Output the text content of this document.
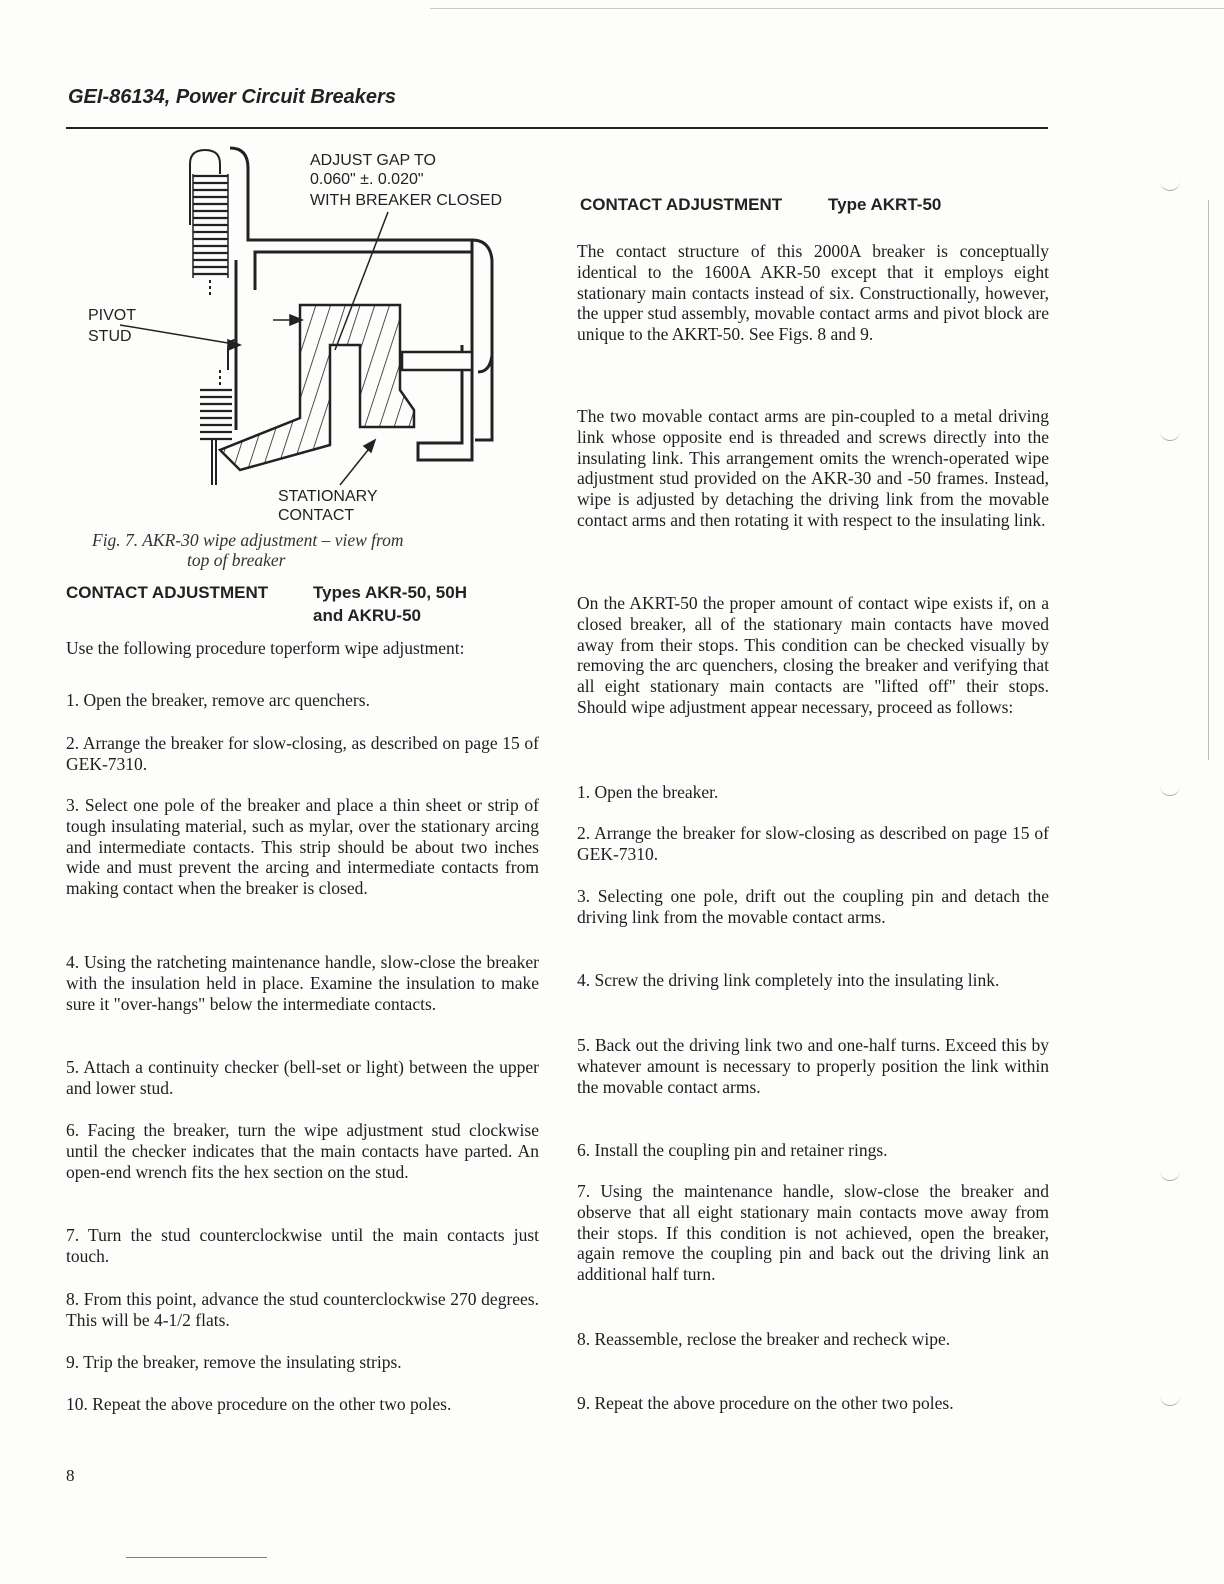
GEI-86134, Power Circuit Breakers
ADJUST GAP TO 0.060" ±. 0.020" WITH BREAKER CLOSED
PIVOT STUD
STATIONARY CONTACT
Fig. 7. AKR-30 wipe adjustment – view from
top of breaker
CONTACT ADJUSTMENT	Types AKR-50, 50H
and AKRU-50
Use the following procedure toperform wipe adjustment:
1. Open the breaker, remove arc quenchers.
2. Arrange the breaker for slow-closing, as described on page 15 of GEK-7310.
3. Select one pole of the breaker and place a thin sheet or strip of tough insulating material, such as mylar, over the stationary arcing and intermediate contacts. This strip should be about two inches wide and must prevent the arcing and intermediate contacts from making contact when the breaker is closed.
4. Using the ratcheting maintenance handle, slow-close the breaker with the insulation held in place. Examine the insulation to make sure it "over-hangs" below the intermediate contacts.
5. Attach a continuity checker (bell-set or light) between the upper and lower stud.
6. Facing the breaker, turn the wipe adjustment stud clockwise until the checker indicates that the main contacts have parted. An open-end wrench fits the hex section on the stud.
7. Turn the stud counterclockwise until the main contacts just touch.
8. From this point, advance the stud counterclockwise 270 degrees. This will be 4-1/2 flats.
9. Trip the breaker, remove the insulating strips.
10. Repeat the above procedure on the other two poles.
CONTACT ADJUSTMENT	Type AKRT-50
The contact structure of this 2000A breaker is conceptually identical to the 1600A AKR-50 except that it employs eight stationary main contacts instead of six. Constructionally, however, the upper stud assembly, movable contact arms and pivot block are unique to the AKRT-50. See Figs. 8 and 9.
The two movable contact arms are pin-coupled to a metal driving link whose opposite end is threaded and screws directly into the insulating link. This arrangement omits the wrench-operated wipe adjustment stud provided on the AKR-30 and -50 frames. Instead, wipe is adjusted by detaching the driving link from the movable contact arms and then rotating it with respect to the insulating link.
On the AKRT-50 the proper amount of contact wipe exists if, on a closed breaker, all of the stationary main contacts have moved away from their stops. This condition can be checked visually by removing the arc quenchers, closing the breaker and verifying that all eight stationary main contacts are "lifted off" their stops. Should wipe adjustment appear necessary, proceed as follows:
1. Open the breaker.
2. Arrange the breaker for slow-closing as described on page 15 of GEK-7310.
3. Selecting one pole, drift out the coupling pin and detach the driving link from the movable contact arms.
4. Screw the driving link completely into the insulating link.
5. Back out the driving link two and one-half turns. Exceed this by whatever amount is necessary to properly position the link within the movable contact arms.
6. Install the coupling pin and retainer rings.
7. Using the maintenance handle, slow-close the breaker and observe that all eight stationary main contacts move away from their stops. If this condition is not achieved, open the breaker, again remove the coupling pin and back out the driving link an additional half turn.
8. Reassemble, reclose the breaker and recheck wipe.
9. Repeat the above procedure on the other two poles.
8
